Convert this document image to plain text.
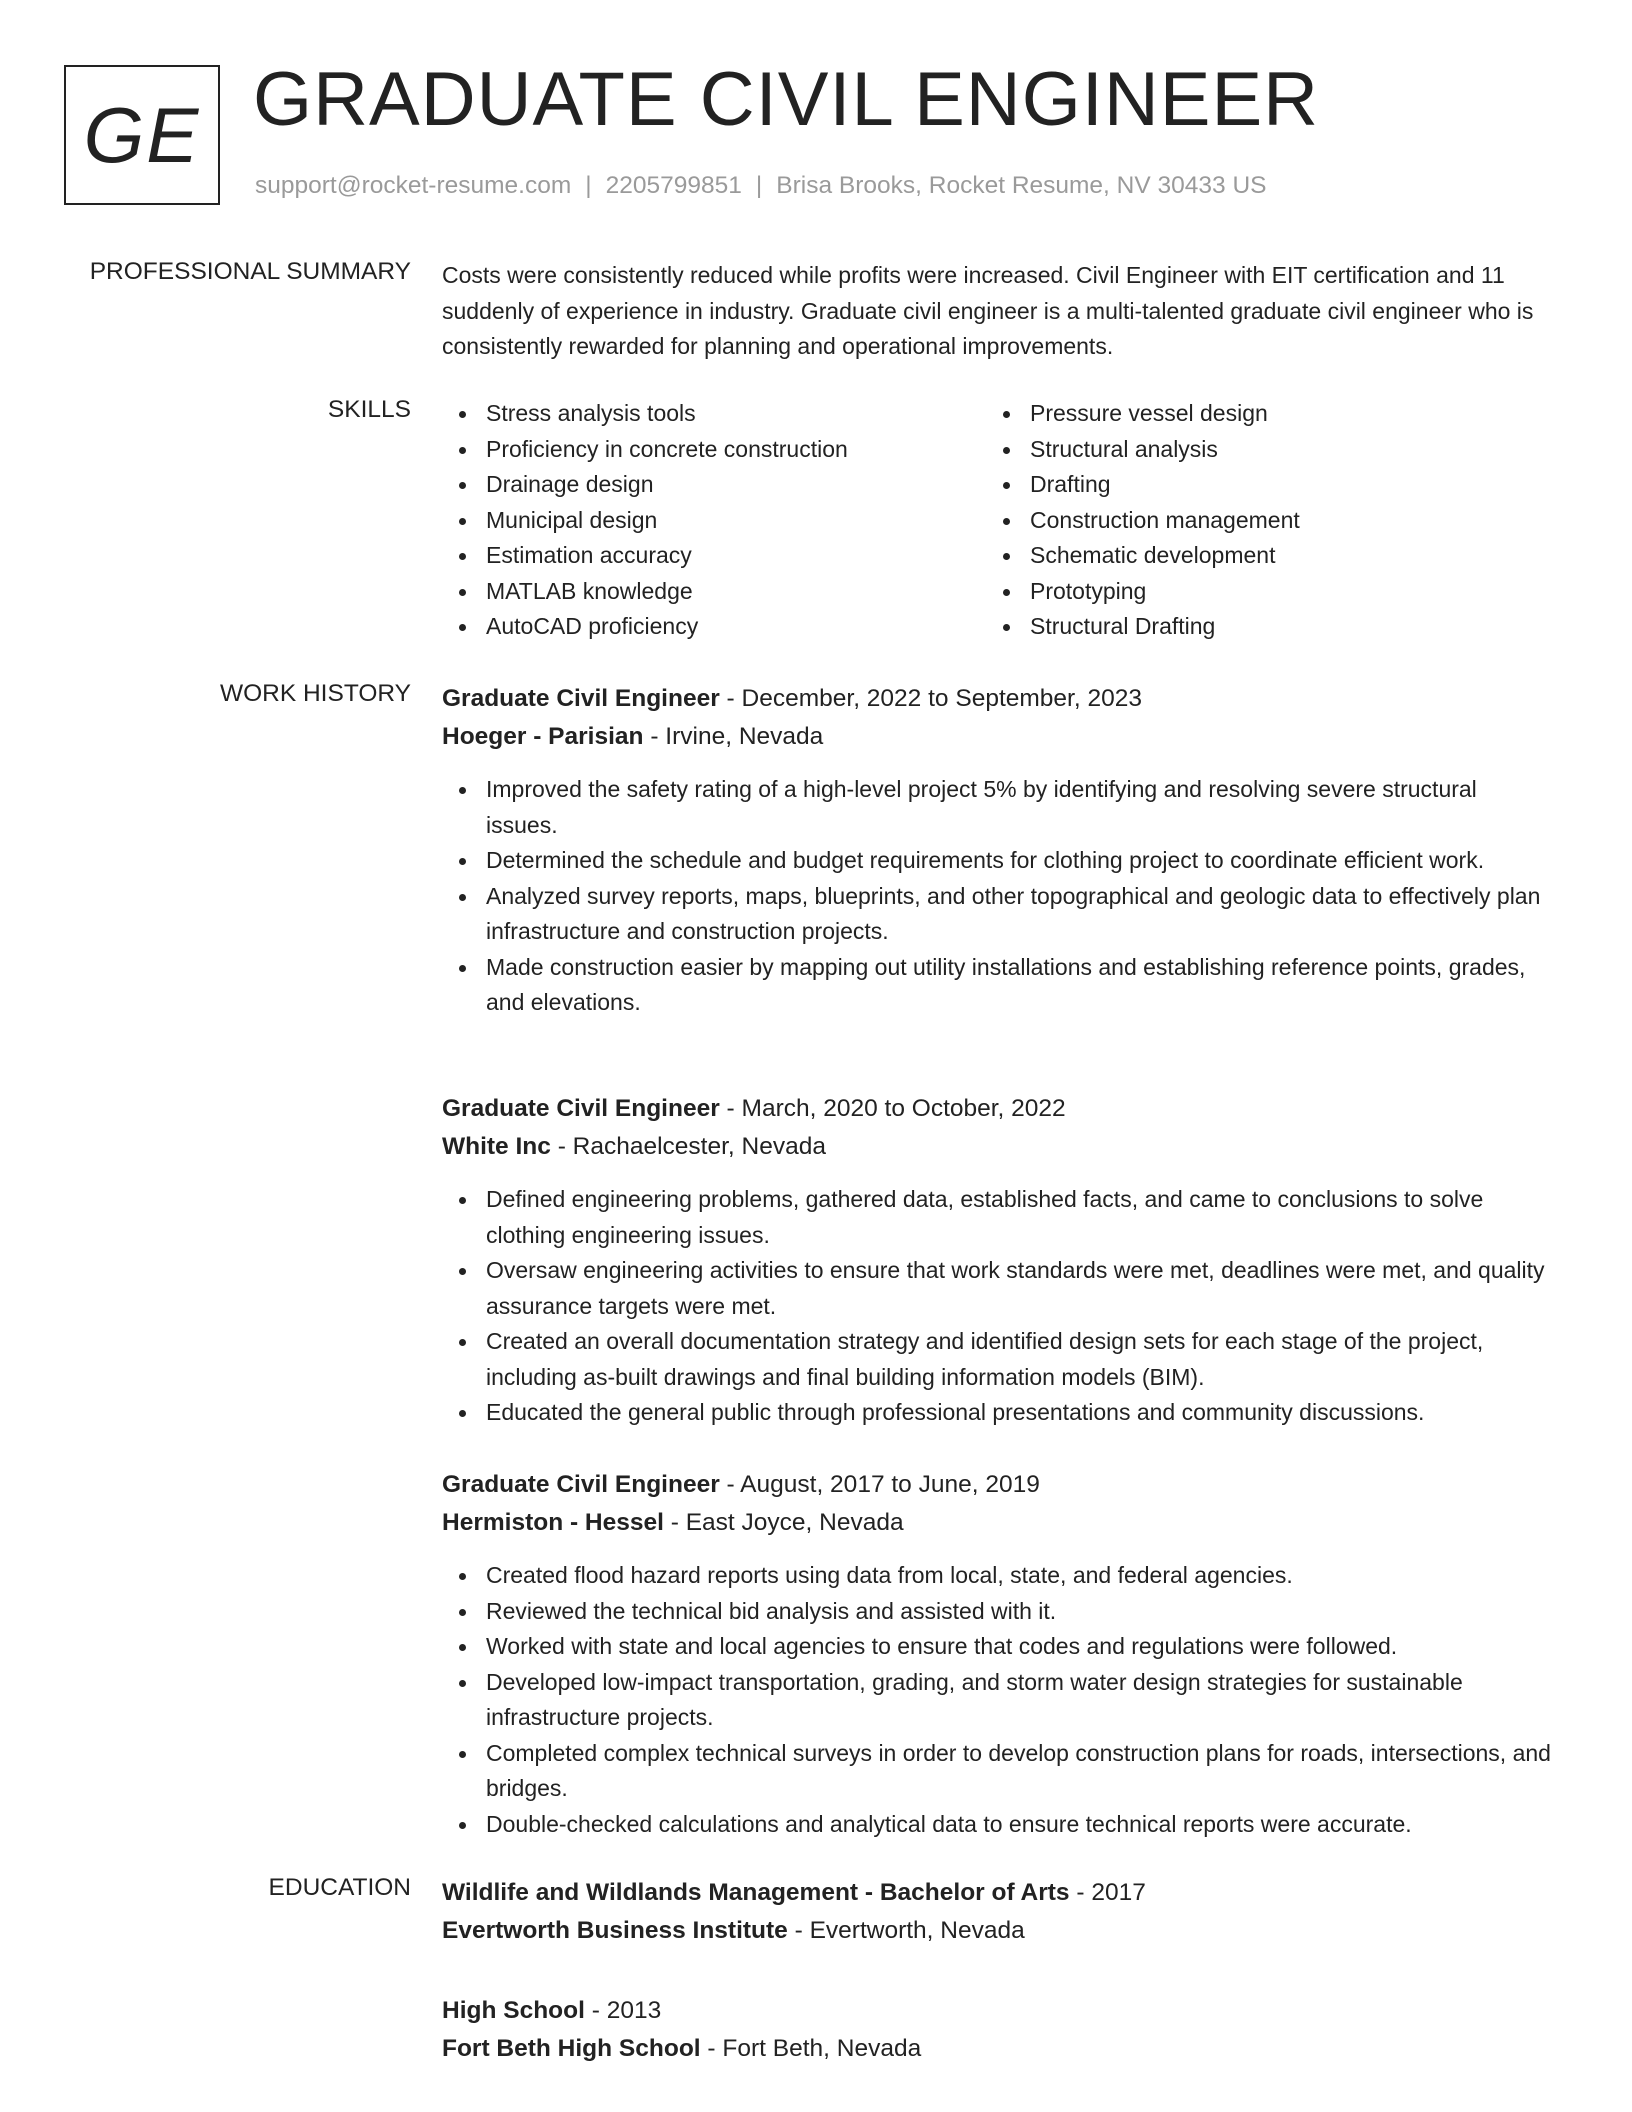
GE GRADUATE CIVIL ENGINEER
support@rocket-resume.com | 2205799851 | Brisa Brooks, Rocket Resume, NV 30433 US
PROFESSIONAL SUMMARY Costs were consistently reduced while profits were increased. Civil Engineer with EIT certification and 11 suddenly of experience in industry. Graduate civil engineer is a multi-talented graduate civil engineer who is consistently rewarded for planning and operational improvements.
SKILLS	Stress analysis tools
Proficiency in concrete construction
Drainage design
Municipal design
Estimation accuracy
MATLAB knowledge
AutoCAD proficiency
Pressure vessel design
Structural analysis
Drafting
Construction management
Schematic development
Prototyping
Structural Drafting
WORK HISTORY Graduate Civil Engineer - December, 2022 to September, 2023
Hoeger - Parisian - Irvine, Nevada
Improved the safety rating of a high-level project 5% by identifying and resolving severe structural issues.
Determined the schedule and budget requirements for clothing project to coordinate efficient work.
Analyzed survey reports, maps, blueprints, and other topographical and geologic data to effectively plan infrastructure and construction projects.
Made construction easier by mapping out utility installations and establishing reference points, grades, and elevations.
Graduate Civil Engineer - March, 2020 to October, 2022
White Inc - Rachaelcester, Nevada
Defined engineering problems, gathered data, established facts, and came to conclusions to solve clothing engineering issues.
Oversaw engineering activities to ensure that work standards were met, deadlines were met, and quality assurance targets were met.
Created an overall documentation strategy and identified design sets for each stage of the project, including as-built drawings and final building information models (BIM).
Educated the general public through professional presentations and community discussions.
Graduate Civil Engineer - August, 2017 to June, 2019
Hermiston - Hessel - East Joyce, Nevada
Created flood hazard reports using data from local, state, and federal agencies.
Reviewed the technical bid analysis and assisted with it.
Worked with state and local agencies to ensure that codes and regulations were followed.
Developed low-impact transportation, grading, and storm water design strategies for sustainable infrastructure projects.
Completed complex technical surveys in order to develop construction plans for roads, intersections, and bridges.
Double-checked calculations and analytical data to ensure technical reports were accurate.
EDUCATION Wildlife and Wildlands Management - Bachelor of Arts - 2017
Evertworth Business Institute - Evertworth, Nevada
High School - 2013
Fort Beth High School - Fort Beth, Nevada
